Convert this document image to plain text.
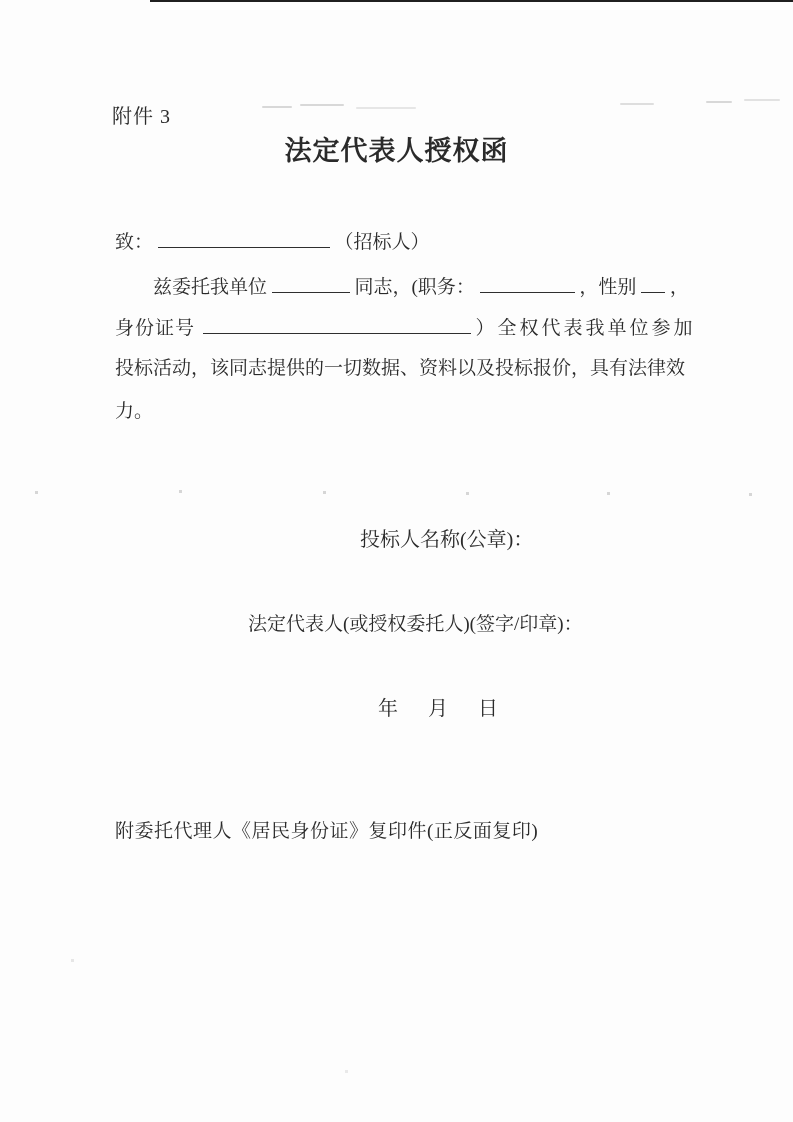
附件 3
法定代表人授权函
致：	（招标人）
兹委托我单位	同志，(职务：	，性别 ，
身份证号	）全权代表我单位参加
投标活动，该同志提供的一切数据、资料以及投标报价，具有法律效
力。
投标人名称(公章)：
法定代表人(或授权委托人)(签字/印章)：
年 月 日
附委托代理人《居民身份证》复印件(正反面复印)
